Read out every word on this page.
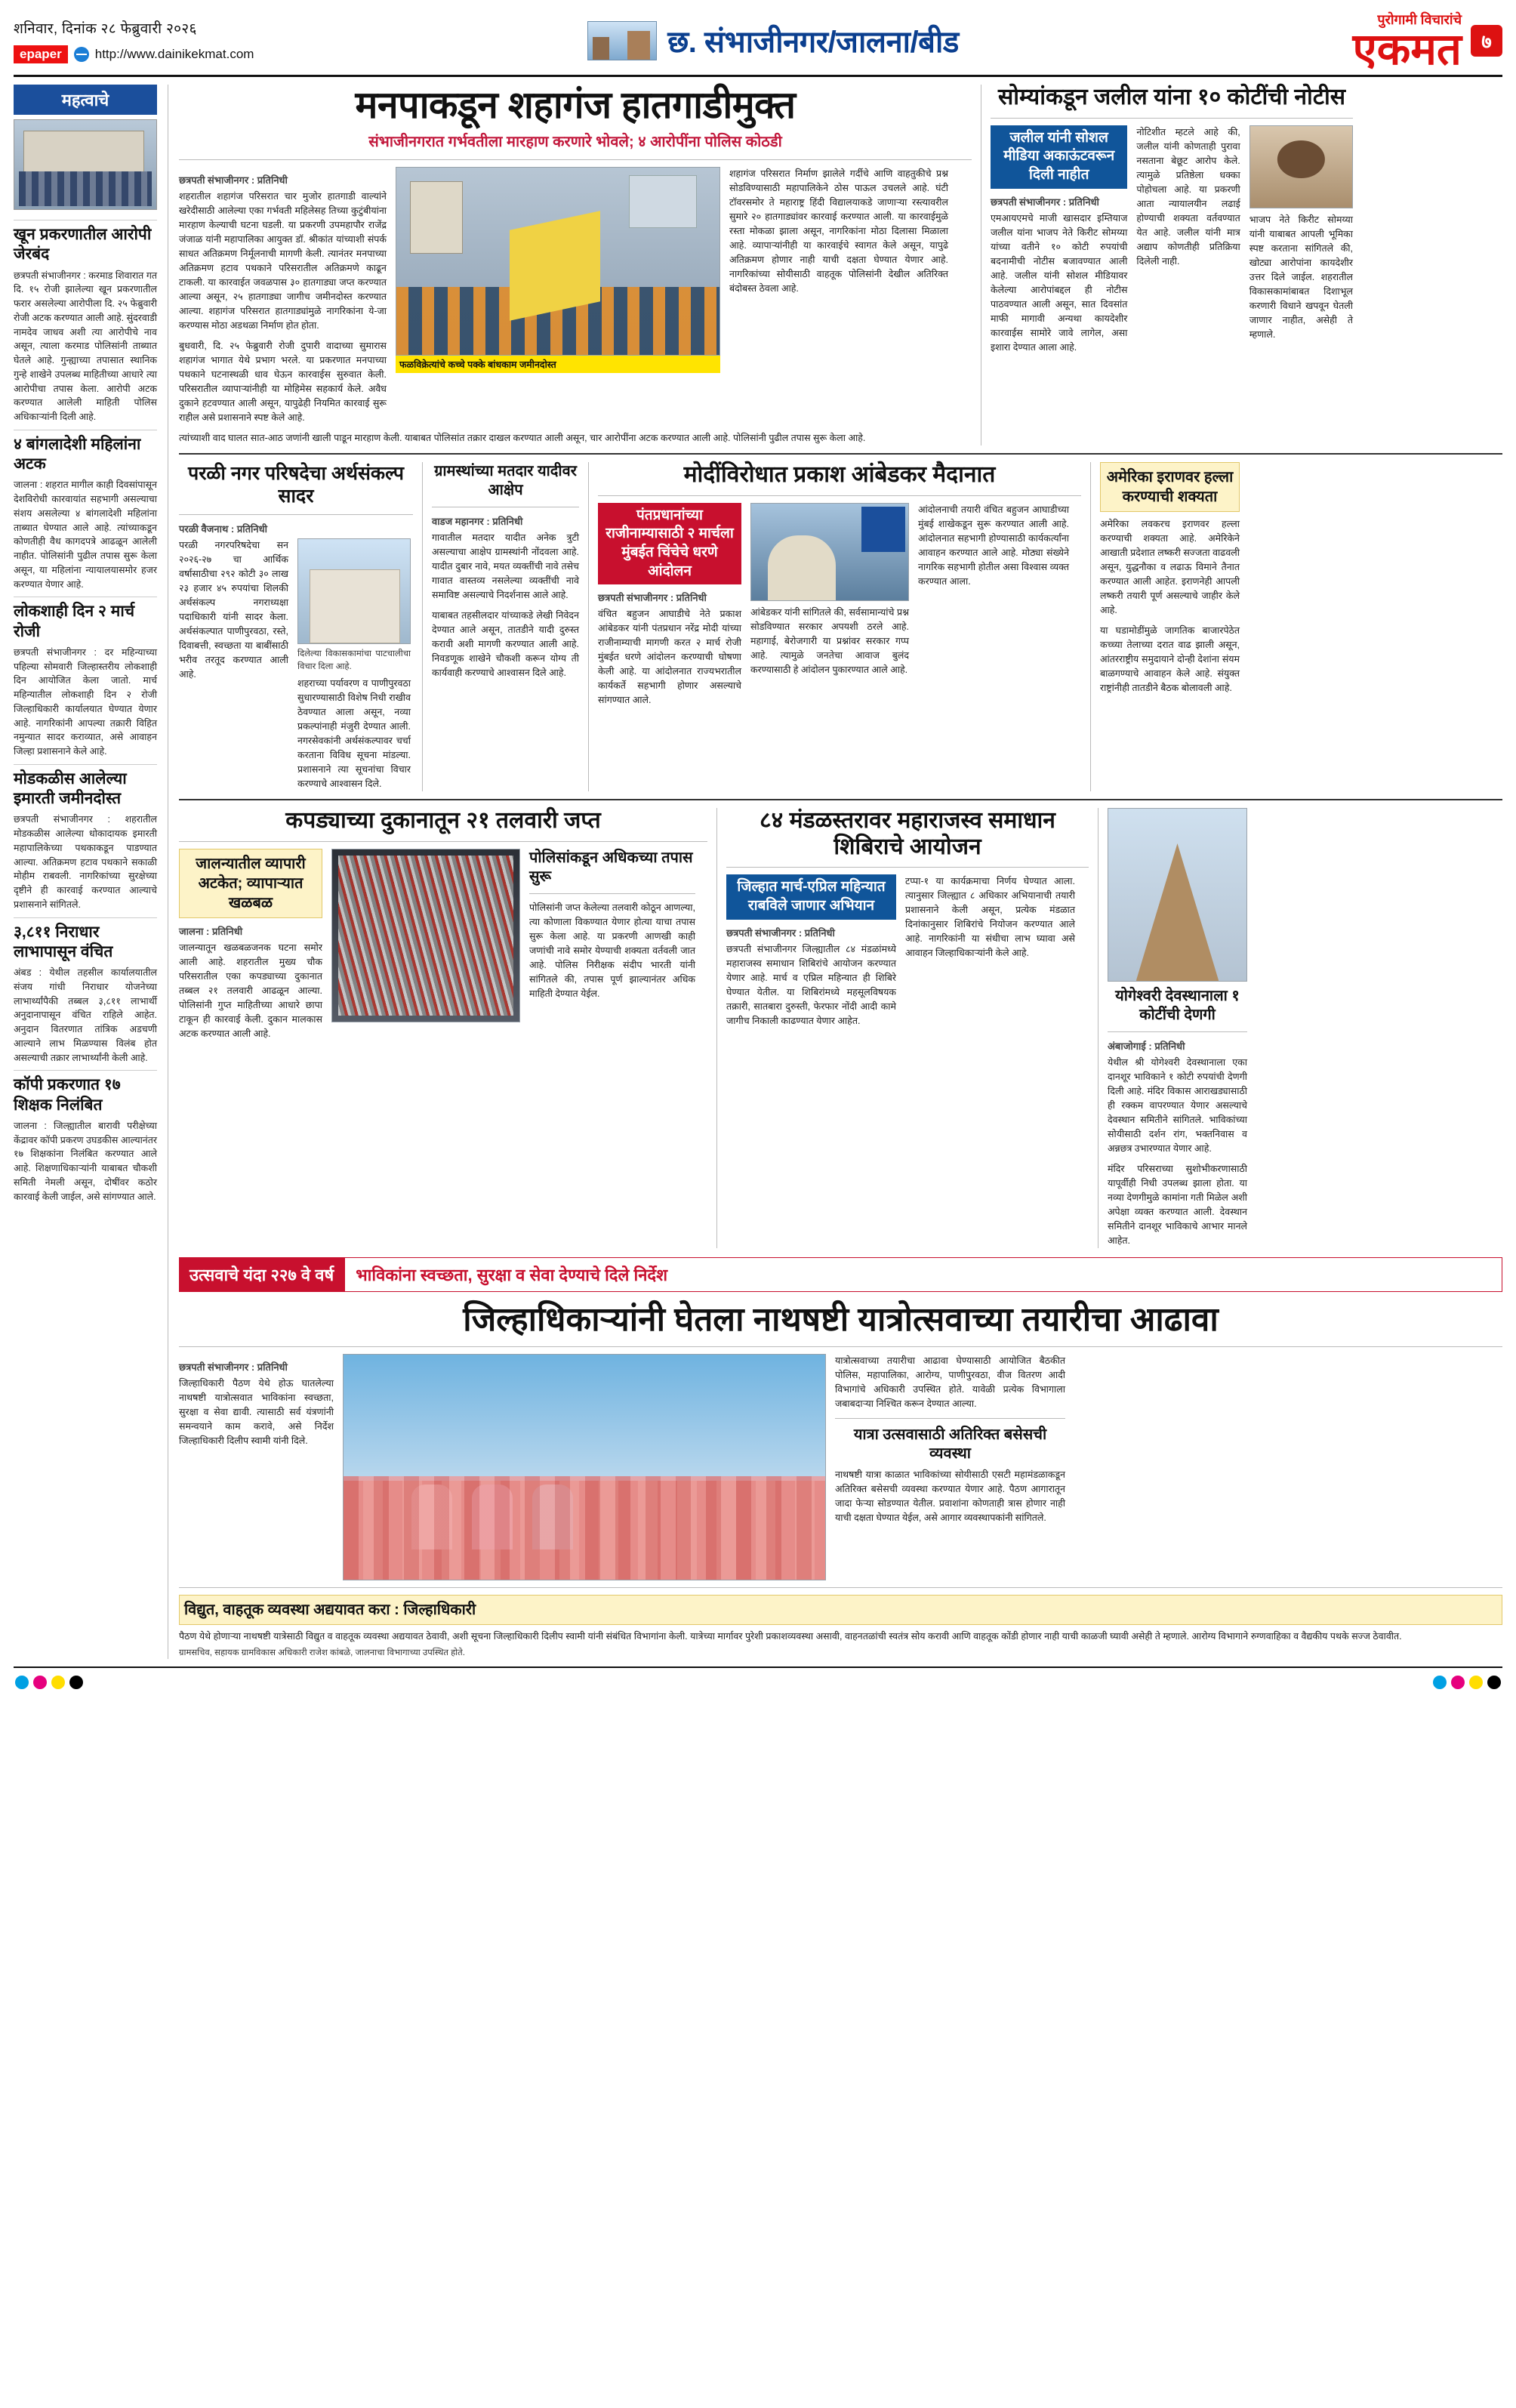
शनिवार, दिनांक २८ फेब्रुवारी २०२६
epaper	http://www.dainikekmat.com	छ. संभाजीनगर/जालना/बीड
पुरोगामी विचारांचे
एकमत	७
महत्वाचे
खून प्रकरणातील आरोपी जेरबंद
छत्रपती संभाजीनगर : करमाड शिवारात गत दि. १५ रोजी झालेल्या खून प्रकरणातील फरार असलेल्या आरोपीला दि. २५ फेब्रुवारी रोजी अटक करण्यात आली आहे. सुंदरवाडी नामदेव जाधव अशी त्या आरोपीचे नाव असून, त्याला करमाड पोलिसांनी ताब्यात घेतले आहे. गुन्ह्याच्या तपासात स्थानिक गुन्हे शाखेने उपलब्ध माहितीच्या आधारे त्या आरोपीचा तपास केला. आरोपी अटक करण्यात आलेली माहिती पोलिस अधिकाऱ्यांनी दिली आहे.
४ बांगलादेशी महिलांना अटक
जालना : शहरात मागील काही दिवसांपासून देशविरोधी कारवायांत सहभागी असल्याचा संशय असलेल्या ४ बांगलादेशी महिलांना ताब्यात घेण्यात आले आहे. त्यांच्याकडून कोणतीही वैध कागदपत्रे आढळून आलेली नाहीत. पोलिसांनी पुढील तपास सुरू केला असून, या महिलांना न्यायालयासमोर हजर करण्यात येणार आहे.
लोकशाही दिन २ मार्च रोजी
छत्रपती संभाजीनगर : दर महिन्याच्या पहिल्या सोमवारी जिल्हास्तरीय लोकशाही दिन आयोजित केला जातो. मार्च महिन्यातील लोकशाही दिन २ रोजी जिल्हाधिकारी कार्यालयात घेण्यात येणार आहे. नागरिकांनी आपल्या तक्रारी विहित नमुन्यात सादर कराव्यात, असे आवाहन जिल्हा प्रशासनाने केले आहे.
मोडकळीस आलेल्या इमारती जमीनदोस्त
छत्रपती संभाजीनगर : शहरातील मोडकळीस आलेल्या धोकादायक इमारती महापालिकेच्या पथकाकडून पाडण्यात आल्या. अतिक्रमण हटाव पथकाने सकाळी मोहीम राबवली. नागरिकांच्या सुरक्षेच्या दृष्टीने ही कारवाई करण्यात आल्याचे प्रशासनाने सांगितले.
३,८११ निराधार लाभापासून वंचित
अंबड : येथील तहसील कार्यालयातील संजय गांधी निराधार योजनेच्या लाभार्थ्यांपैकी तब्बल ३,८११ लाभार्थी अनुदानापासून वंचित राहिले आहेत. अनुदान वितरणात तांत्रिक अडचणी आल्याने लाभ मिळण्यास विलंब होत असल्याची तक्रार लाभार्थ्यांनी केली आहे.
कॉपी प्रकरणात १७ शिक्षक निलंबित
जालना : जिल्ह्यातील बारावी परीक्षेच्या केंद्रावर कॉपी प्रकरण उघडकीस आल्यानंतर १७ शिक्षकांना निलंबित करण्यात आले आहे. शिक्षणाधिकाऱ्यांनी याबाबत चौकशी समिती नेमली असून, दोषींवर कठोर कारवाई केली जाईल, असे सांगण्यात आले.
मनपाकडून शहागंज हातगाडीमुक्त
संभाजीनगरात गर्भवतीला मारहाण करणारे भोवले; ४ आरोपींना पोलिस कोठडी
छत्रपती संभाजीनगर : प्रतिनिधी
शहरातील शहागंज परिसरात चार मुजोर हातगाडी वाल्यांने खरेदीसाठी आलेल्या एका गर्भवती महिलेसह तिच्या कुटुंबीयांना मारहाण केल्याची घटना घडली. या प्रकरणी उपमहापौर राजेंद्र जंजाळ यांनी महापालिका आयुक्त डॉ. श्रीकांत यांच्याशी संपर्क साधत अतिक्रमण निर्मूलनाची मागणी केली. त्यानंतर मनपाच्या अतिक्रमण हटाव पथकाने परिसरातील अतिक्रमणे काढून टाकली. या कारवाईत जवळपास ३० हातगाड्या जप्त करण्यात आल्या असून, २५ हातगाड्या जागीच जमीनदोस्त करण्यात आल्या. शहागंज परिसरात हातगाड्यांमुळे नागरिकांना ये-जा करण्यास मोठा अडथळा निर्माण होत होता.
बुधवारी, दि. २५ फेब्रुवारी रोजी दुपारी वादाच्या सुमारास शहागंज भागात येथे प्रभाग भरले. या प्रकरणात मनपाच्या पथकाने घटनास्थळी धाव घेऊन कारवाईस सुरुवात केली. परिसरातील व्यापाऱ्यांनीही या मोहिमेस सहकार्य केले. अवैध दुकाने हटवण्यात आली असून, यापुढेही नियमित कारवाई सुरू राहील असे प्रशासनाने स्पष्ट केले आहे.
फळविक्रेत्यांचे कच्चे पक्के बांधकाम जमीनदोस्त
शहागंज परिसरात निर्माण झालेले गर्दीचे आणि वाहतुकीचे प्रश्न सोडविण्यासाठी महापालिकेने ठोस पाऊल उचलले आहे. घंटी टॉवरसमोर ते महाराष्ट्र हिंदी विद्यालयाकडे जाणाऱ्या रस्त्यावरील सुमारे २० हातगाड्यांवर कारवाई करण्यात आली. या कारवाईमुळे रस्ता मोकळा झाला असून, नागरिकांना मोठा दिलासा मिळाला आहे. व्यापाऱ्यांनीही या कारवाईचे स्वागत केले असून, यापुढे अतिक्रमण होणार नाही याची दक्षता घेण्यात येणार आहे. नागरिकांच्या सोयीसाठी वाहतूक पोलिसांनी देखील अतिरिक्त बंदोबस्त ठेवला आहे.
त्यांच्याशी वाद घालत सात-आठ जणांनी खाली पाडून मारहाण केली. याबाबत पोलिसांत तक्रार दाखल करण्यात आली असून, चार आरोपींना अटक करण्यात आली आहे. पोलिसांनी पुढील तपास सुरू केला आहे.
सोम्यांकडून जलील यांना १० कोटींची नोटीस
जलील यांनी सोशल मीडिया अकाऊंटवरून दिली नाहीत
छत्रपती संभाजीनगर : प्रतिनिधी
एमआयएमचे माजी खासदार इम्तियाज जलील यांना भाजप नेते किरीट सोमय्या यांच्या वतीने १० कोटी रुपयांची बदनामीची नोटीस बजावण्यात आली आहे. जलील यांनी सोशल मीडियावर केलेल्या आरोपांबद्दल ही नोटीस पाठवण्यात आली असून, सात दिवसांत माफी मागावी अन्यथा कायदेशीर कारवाईस सामोरे जावे लागेल, असा इशारा देण्यात आला आहे.
नोटिशीत म्हटले आहे की, जलील यांनी कोणताही पुरावा नसताना बेछूट आरोप केले. त्यामुळे प्रतिष्ठेला धक्का पोहोचला आहे. या प्रकरणी आता न्यायालयीन लढाई होण्याची शक्यता वर्तवण्यात येत आहे. जलील यांनी मात्र अद्याप कोणतीही प्रतिक्रिया दिलेली नाही.
भाजप नेते किरीट सोमय्या यांनी याबाबत आपली भूमिका स्पष्ट करताना सांगितले की, खोट्या आरोपांना कायदेशीर उत्तर दिले जाईल. शहरातील विकासकामांबाबत दिशाभूल करणारी विधाने खपवून घेतली जाणार नाहीत, असेही ते म्हणाले.
परळी नगर परिषदेचा अर्थसंकल्प सादर
परळी वैजनाथ : प्रतिनिधी
परळी नगरपरिषदेचा सन २०२६-२७ चा आर्थिक वर्षासाठीचा २९२ कोटी ३० लाख २३ हजार ४५ रुपयांचा शिलकी अर्थसंकल्प नगराध्यक्षा पदाधिकारी यांनी सादर केला. अर्थसंकल्पात पाणीपुरवठा, रस्ते, दिवाबत्ती, स्वच्छता या बाबींसाठी भरीव तरतूद करण्यात आली आहे.
दिलेल्या विकासकामांचा पाटचालीचा विचार दिला आहे.
शहराच्या पर्यावरण व पाणीपुरवठा सुधारण्यासाठी विशेष निधी राखीव ठेवण्यात आला असून, नव्या प्रकल्पांनाही मंजुरी देण्यात आली. नगरसेवकांनी अर्थसंकल्पावर चर्चा करताना विविध सूचना मांडल्या. प्रशासनाने त्या सूचनांचा विचार करण्याचे आश्वासन दिले.
ग्रामस्थांच्या मतदार यादीवर आक्षेप
वाडज महानगर : प्रतिनिधी
गावातील मतदार यादीत अनेक त्रुटी असल्याचा आक्षेप ग्रामस्थांनी नोंदवला आहे. यादीत दुबार नावे, मयत व्यक्तींची नावे तसेच गावात वास्तव्य नसलेल्या व्यक्तींची नावे समाविष्ट असल्याचे निदर्शनास आले आहे.
याबाबत तहसीलदार यांच्याकडे लेखी निवेदन देण्यात आले असून, तातडीने यादी दुरुस्त करावी अशी मागणी करण्यात आली आहे. निवडणूक शाखेने चौकशी करून योग्य ती कार्यवाही करण्याचे आश्वासन दिले आहे.
मोदींविरोधात प्रकाश आंबेडकर मैदानात
पंतप्रधानांच्या राजीनाम्यासाठी २ मार्चला मुंबईत चिंचेचे धरणे आंदोलन
छत्रपती संभाजीनगर : प्रतिनिधी
वंचित बहुजन आघाडीचे नेते प्रकाश आंबेडकर यांनी पंतप्रधान नरेंद्र मोदी यांच्या राजीनाम्याची मागणी करत २ मार्च रोजी मुंबईत धरणे आंदोलन करण्याची घोषणा केली आहे. या आंदोलनात राज्यभरातील कार्यकर्ते सहभागी होणार असल्याचे सांगण्यात आले.
आंबेडकर यांनी सांगितले की, सर्वसामान्यांचे प्रश्न सोडविण्यात सरकार अपयशी ठरले आहे. महागाई, बेरोजगारी या प्रश्नांवर सरकार गप्प आहे. त्यामुळे जनतेचा आवाज बुलंद करण्यासाठी हे आंदोलन पुकारण्यात आले आहे.
आंदोलनाची तयारी वंचित बहुजन आघाडीच्या मुंबई शाखेकडून सुरू करण्यात आली आहे. आंदोलनात सहभागी होण्यासाठी कार्यकर्त्यांना आवाहन करण्यात आले आहे. मोठ्या संख्येने नागरिक सहभागी होतील असा विश्वास व्यक्त करण्यात आला.
अमेरिका इराणवर हल्ला करण्याची शक्यता
अमेरिका लवकरच इराणवर हल्ला करण्याची शक्यता आहे. अमेरिकेने आखाती प्रदेशात लष्करी सज्जता वाढवली असून, युद्धनौका व लढाऊ विमाने तैनात करण्यात आली आहेत. इराणनेही आपली लष्करी तयारी पूर्ण असल्याचे जाहीर केले आहे.
या घडामोडींमुळे जागतिक बाजारपेठेत कच्च्या तेलाच्या दरात वाढ झाली असून, आंतरराष्ट्रीय समुदायाने दोन्ही देशांना संयम बाळगण्याचे आवाहन केले आहे. संयुक्त राष्ट्रांनीही तातडीने बैठक बोलावली आहे.
कपड्याच्या दुकानातून २१ तलवारी जप्त
जालन्यातील व्यापारी अटकेत; व्यापाऱ्यात खळबळ
जालना : प्रतिनिधी
जालन्यातून खळबळजनक घटना समोर आली आहे. शहरातील मुख्य चौक परिसरातील एका कपड्याच्या दुकानात तब्बल २१ तलवारी आढळून आल्या. पोलिसांनी गुप्त माहितीच्या आधारे छापा टाकून ही कारवाई केली. दुकान मालकास अटक करण्यात आली आहे.
पोलिसांकडून अधिकच्या तपास सुरू
पोलिसांनी जप्त केलेल्या तलवारी कोठून आणल्या, त्या कोणाला विकण्यात येणार होत्या याचा तपास सुरू केला आहे. या प्रकरणी आणखी काही जणांची नावे समोर येण्याची शक्यता वर्तवली जात आहे. पोलिस निरीक्षक संदीप भारती यांनी सांगितले की, तपास पूर्ण झाल्यानंतर अधिक माहिती देण्यात येईल.
८४ मंडळस्तरावर महाराजस्व समाधान शिबिराचे आयोजन
जिल्हात मार्च-एप्रिल महिन्यात राबविले जाणार अभियान
छत्रपती संभाजीनगर : प्रतिनिधी
छत्रपती संभाजीनगर जिल्ह्यातील ८४ मंडळांमध्ये महाराजस्व समाधान शिबिरांचे आयोजन करण्यात येणार आहे. मार्च व एप्रिल महिन्यात ही शिबिरे घेण्यात येतील. या शिबिरांमध्ये महसूलविषयक तक्रारी, सातबारा दुरुस्ती, फेरफार नोंदी आदी कामे जागीच निकाली काढण्यात येणार आहेत.
टप्पा-१ या कार्यक्रमाचा निर्णय घेण्यात आला. त्यानुसार जिल्ह्यात ८ अधिकार अभियानाची तयारी प्रशासनाने केली असून, प्रत्येक मंडळात दिनांकानुसार शिबिरांचे नियोजन करण्यात आले आहे. नागरिकांनी या संधीचा लाभ घ्यावा असे आवाहन जिल्हाधिकाऱ्यांनी केले आहे.
योगेश्वरी देवस्थानाला १ कोटींची देणगी
अंबाजोगाई : प्रतिनिधी
येथील श्री योगेश्वरी देवस्थानाला एका दानशूर भाविकाने १ कोटी रुपयांची देणगी दिली आहे. मंदिर विकास आराखड्यासाठी ही रक्कम वापरण्यात येणार असल्याचे देवस्थान समितीने सांगितले. भाविकांच्या सोयीसाठी दर्शन रांग, भक्तनिवास व अन्नछत्र उभारण्यात येणार आहे.
मंदिर परिसराच्या सुशोभीकरणासाठी यापूर्वीही निधी उपलब्ध झाला होता. या नव्या देणगीमुळे कामांना गती मिळेल अशी अपेक्षा व्यक्त करण्यात आली. देवस्थान समितीने दानशूर भाविकाचे आभार मानले आहेत.
उत्सवाचे यंदा २२७ वे वर्ष	भाविकांना स्वच्छता, सुरक्षा व सेवा देण्याचे दिले निर्देश
जिल्हाधिकाऱ्यांनी घेतला नाथषष्टी यात्रोत्सवाच्या तयारीचा आढावा
छत्रपती संभाजीनगर : प्रतिनिधी
जिल्हाधिकारी पैठण येथे होऊ घातलेल्या नाथषष्टी यात्रोत्सवात भाविकांना स्वच्छता, सुरक्षा व सेवा द्यावी. त्यासाठी सर्व यंत्रणांनी समन्वयाने काम करावे, असे निर्देश जिल्हाधिकारी दिलीप स्वामी यांनी दिले.
यात्रोत्सवाच्या तयारीचा आढावा घेण्यासाठी आयोजित बैठकीत पोलिस, महापालिका, आरोग्य, पाणीपुरवठा, वीज वितरण आदी विभागांचे अधिकारी उपस्थित होते. यावेळी प्रत्येक विभागाला जबाबदाऱ्या निश्चित करून देण्यात आल्या.
यात्रा उत्सवासाठी अतिरिक्त बसेसची व्यवस्था
नाथषष्टी यात्रा काळात भाविकांच्या सोयीसाठी एसटी महामंडळाकडून अतिरिक्त बसेसची व्यवस्था करण्यात येणार आहे. पैठण आगारातून जादा फेऱ्या सोडण्यात येतील. प्रवाशांना कोणताही त्रास होणार नाही याची दक्षता घेण्यात येईल, असे आगार व्यवस्थापकांनी सांगितले.
विद्युत, वाहतूक व्यवस्था अद्ययावत करा : जिल्हाधिकारी
पैठण येथे होणाऱ्या नाथषष्टी यात्रेसाठी विद्युत व वाहतूक व्यवस्था अद्ययावत ठेवावी, अशी सूचना जिल्हाधिकारी दिलीप स्वामी यांनी संबंधित विभागांना केली. यात्रेच्या मार्गावर पुरेशी प्रकाशव्यवस्था असावी, वाहनतळांची स्वतंत्र सोय करावी आणि वाहतूक कोंडी होणार नाही याची काळजी घ्यावी असेही ते म्हणाले. आरोग्य विभागाने रुग्णवाहिका व वैद्यकीय पथके सज्ज ठेवावीत.
ग्रामसचिव, सहायक ग्रामविकास अधिकारी राजेश कांबळे, जालनाचा विभागाच्या उपस्थित होते.
